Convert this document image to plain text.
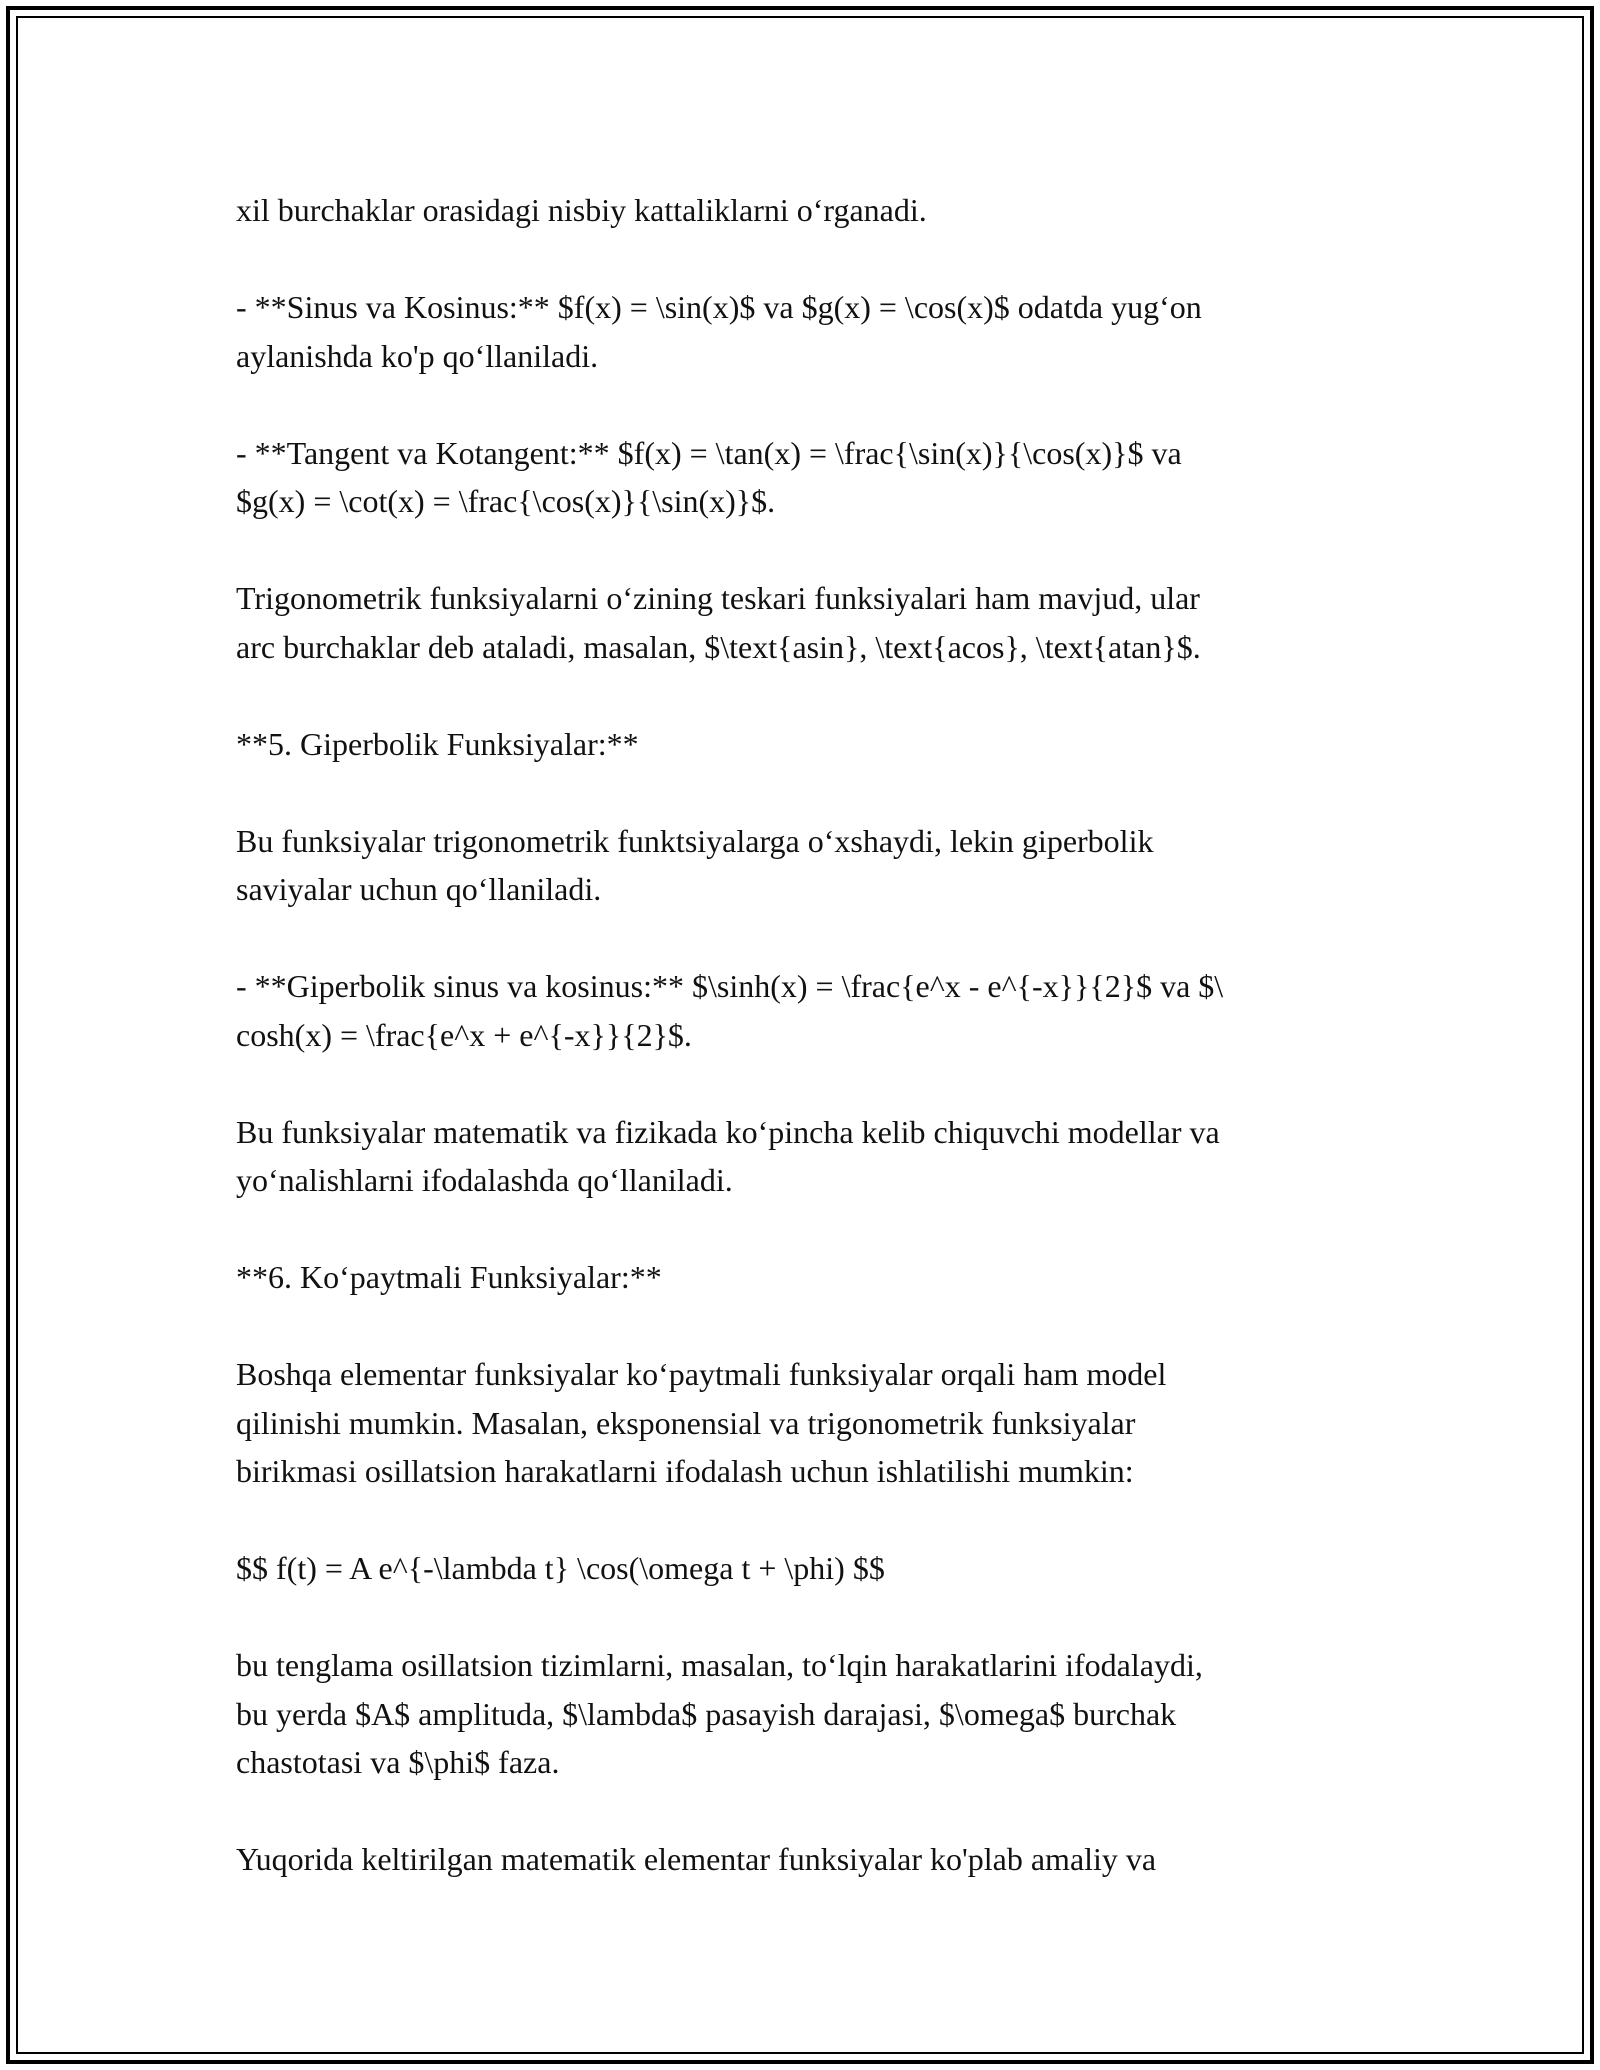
xil burchaklar orasidagi nisbiy kattaliklarni o‘rganadi.

- **Sinus va Kosinus:** $f(x) = \sin(x)$ va $g(x) = \cos(x)$ odatda yug‘on
aylanishda ko'p qo‘llaniladi.

- **Tangent va Kotangent:** $f(x) = \tan(x) = \frac{\sin(x)}{\cos(x)}$ va
$g(x) = \cot(x) = \frac{\cos(x)}{\sin(x)}$.

Trigonometrik funksiyalarni o‘zining teskari funksiyalari ham mavjud, ular
arc burchaklar deb ataladi, masalan, $\text{asin}, \text{acos}, \text{atan}$.

**5. Giperbolik Funksiyalar:**

Bu funksiyalar trigonometrik funktsiyalarga o‘xshaydi, lekin giperbolik
saviyalar uchun qo‘llaniladi.

- **Giperbolik sinus va kosinus:** $\sinh(x) = \frac{e^x - e^{-x}}{2}$ va $\
cosh(x) = \frac{e^x + e^{-x}}{2}$.

Bu funksiyalar matematik va fizikada ko‘pincha kelib chiquvchi modellar va
yo‘nalishlarni ifodalashda qo‘llaniladi.

**6. Ko‘paytmali Funksiyalar:**

Boshqa elementar funksiyalar ko‘paytmali funksiyalar orqali ham model
qilinishi mumkin. Masalan, eksponensial va trigonometrik funksiyalar
birikmasi osillatsion harakatlarni ifodalash uchun ishlatilishi mumkin:

$$ f(t) = A e^{-\lambda t} \cos(\omega t + \phi) $$

bu tenglama osillatsion tizimlarni, masalan, to‘lqin harakatlarini ifodalaydi,
bu yerda $A$ amplituda, $\lambda$ pasayish darajasi, $\omega$ burchak
chastotasi va $\phi$ faza.

Yuqorida keltirilgan matematik elementar funksiyalar ko'plab amaliy va
